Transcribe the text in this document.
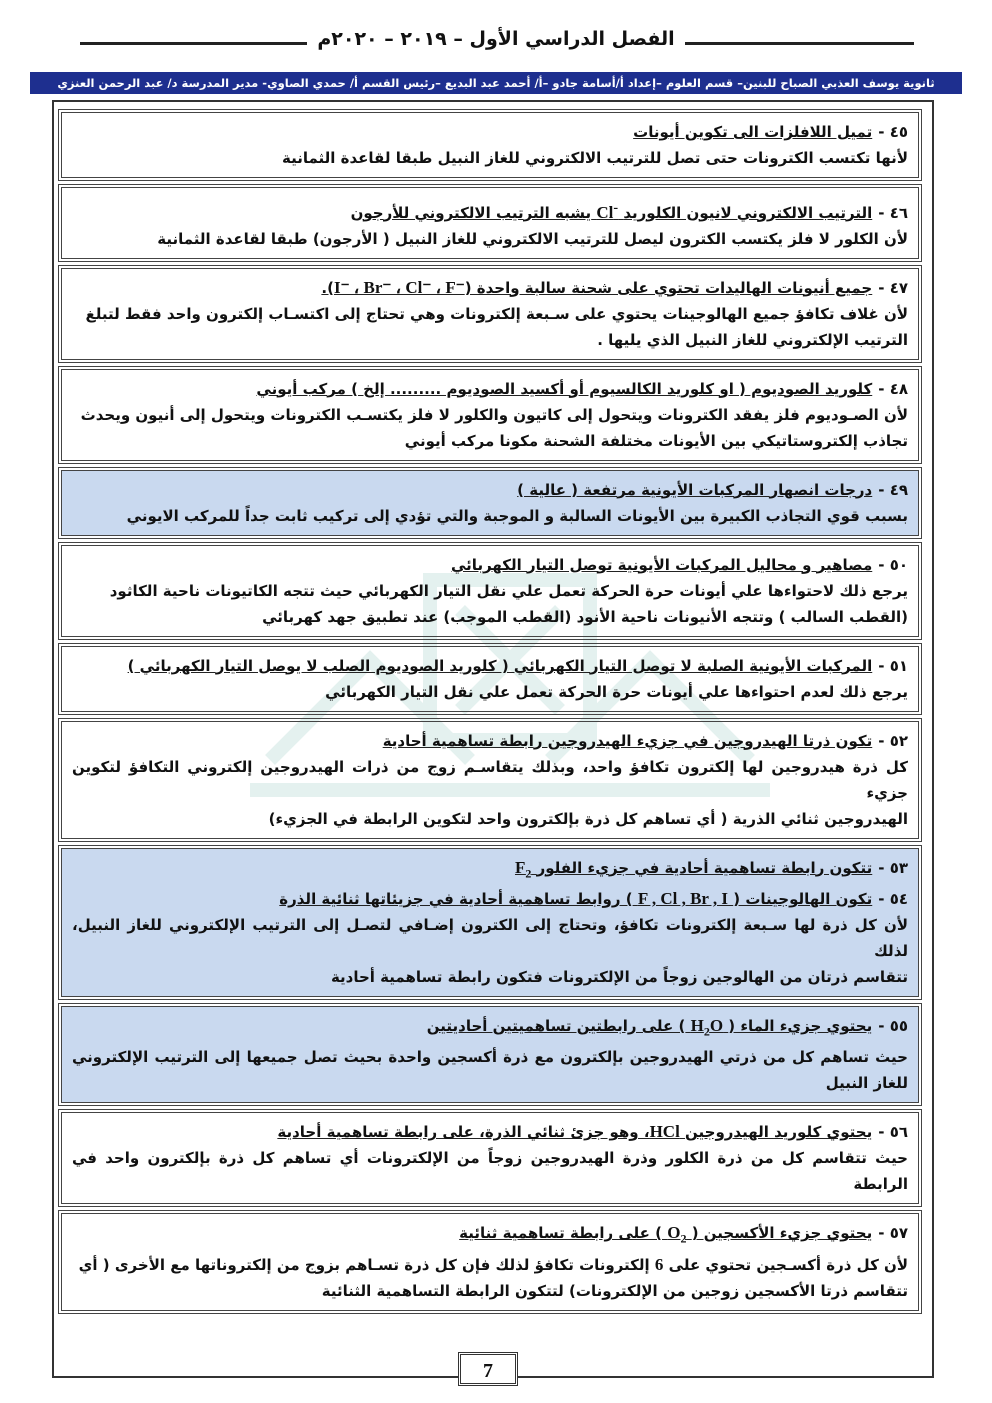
الفصل الدراسي الأول – ٢٠١٩ – ٢٠٢٠م
ثانوية يوسف العذبي الصباح للبنين– قسم العلوم –إعداد أ/أسامة جادو –أ/ أحمد عبد البديع –رئيس القسم أ/ حمدي الصاوي- مدير المدرسة د/ عبد الرحمن العنزي
٤٥ -تميل اللافلزات الى تكوين أيونات
لأنها تكتسب الكترونات حتى تصل للترتيب الالكتروني للغاز النبيل طبقا لقاعدة الثمانية
٤٦ -الترتيب الالكتروني لانيون الكلوريد Cl- يشبه الترتيب الالكتروني للأرجون
لأن الكلور لا فلز يكتسب الكترون ليصل للترتيب الالكتروني للغاز النبيل ( الأرجون) طبقا لقاعدة الثمانية
٤٧ -جميع أنيونات الهاليدات تحتوي على شحنة سالبة واحدة (I⁻ ، Br⁻ ، Cl⁻ ، F⁻).
لأن غلاف تكافؤ جميع الهالوجينات يحتوي على سـبعة إلكترونات وهي تحتاج إلى اكتسـاب إلكترون واحد فقط لتبلغ
الترتيب الإلكتروني للغاز النبيل الذي يليها .
٤٨ -كلوريد الصوديوم ( او كلوريد الكالسيوم أو أكسيد الصوديوم ......... إلخ ) مركب أيوني
لأن الصـوديوم فلز يفقد الكترونات ويتحول إلى كاتيون والكلور لا فلز يكتسـب الكترونات ويتحول إلى أنيون ويحدث
تجاذب إلكتروستاتيكي بين الأيونات مختلفة الشحنة مكونا مركب أيوني
٤٩ -درجات انصهار المركبات الأيونية مرتفعة ( عالية )
بسبب قوي التجاذب الكبيرة بين الأيونات السالبة و الموجبة والتي تؤدي إلى تركيب ثابت جداً للمركب الايوني
٥٠ -مصاهير و محاليل المركبات الأيونية توصل التيار الكهربائي
يرجع ذلك لاحتواءها علي أيونات حرة الحركة تعمل علي نقل التيار الكهربائي حيث تتجه الكاتيونات ناحية الكاثود
(القطب السالب ) وتتجه الأنيونات ناحية الأنود (القطب الموجب) عند تطبيق جهد كهربائي
٥١ -المركبات الأيونية الصلبة لا توصل التيار الكهربائي ( كلوريد الصوديوم الصلب لا يوصل التيار الكهربائي )
يرجع ذلك لعدم احتواءها علي أيونات حرة الحركة تعمل علي نقل التيار الكهربائي
٥٢ -تكون ذرتا الهيدروجين في جزيء الهيدروجين رابطة تساهمية أحادية
كل ذرة هيدروجين لها إلكترون تكافؤ واحد، وبذلك يتقاسـم زوج من ذرات الهيدروجين إلكتروني التكافؤ لتكوين جزيء
الهيدروجين ثنائي الذرية ( أي تساهم كل ذرة بإلكترون واحد لتكوين الرابطة في الجزيء)
٥٣ -تتكون رابطة تساهمية أحادية في جزيء الفلور $F_2$
٥٤ -تكون الهالوجينات ( F , Cl , Br , I ) روابط تساهمية أحادية في جزيئاتها ثنائية الذرة
لأن كل ذرة لها سـبعة إلكترونات تكافؤ، وتحتاج إلى الكترون إضـافي لتصـل إلى الترتيب الإلكتروني للغاز النبيل، لذلك
تتقاسم ذرتان من الهالوجين زوجاً من الإلكترونات فتكون رابطة تساهمية أحادية
٥٥ -يحتوي جزيء الماء ( $H_2O$ ) على رابطتين تساهميتين أحاديتين
حيث تساهم كل من ذرتي الهيدروجين بإلكترون مع ذرة أكسجين واحدة بحيث تصل جميعها إلى الترتيب الإلكتروني للغاز النبيل
٥٦ -يحتوي كلوريد الهيدروجين HCl، وهو جزئ ثنائي الذرة، على رابطة تساهمية أحادية
حيث تتقاسم كل من ذرة الكلور وذرة الهيدروجين زوجاً من الإلكترونات أي تساهم كل ذرة بإلكترون واحد في الرابطة
٥٧ -يحتوي جزيء الأكسجين ( $O_2$ ) على رابطة تساهمية ثنائية
لأن كل ذرة أكسـجين تحتوي على 6 إلكترونات تكافؤ لذلك فإن كل ذرة تسـاهم بزوج من إلكتروناتها مع الأخرى ( أي
تتقاسم ذرتا الأكسجين زوجين من الإلكترونات) لتتكون الرابطة التساهمية الثنائية
7
